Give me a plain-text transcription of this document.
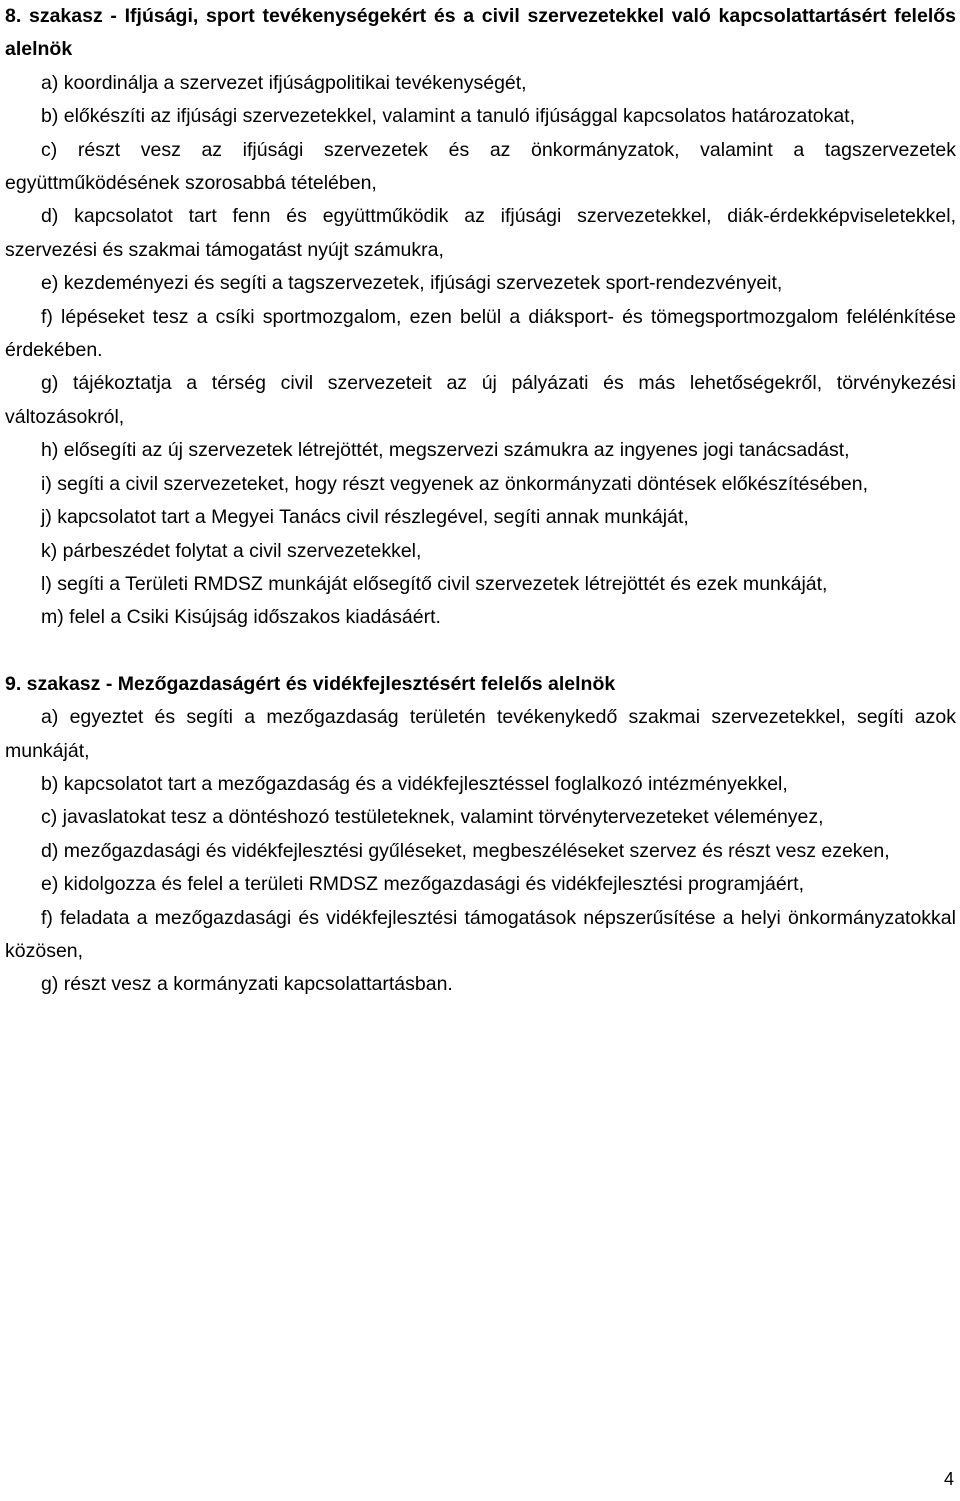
8. szakasz - Ifjúsági, sport tevékenységekért és a civil szervezetekkel való kapcsolattartásért felelős alelnök

a) koordinálja a szervezet ifjúságpolitikai tevékenységét,

b) előkészíti az ifjúsági szervezetekkel, valamint a tanuló ifjúsággal kapcsolatos határozatokat,

c) részt vesz az ifjúsági szervezetek és az önkormányzatok, valamint a tagszervezetek együttműködésének szorosabbá tételében,

d) kapcsolatot tart fenn és együttműködik az ifjúsági szervezetekkel, diák-érdekképviseletekkel, szervezési és szakmai támogatást nyújt számukra,

e) kezdeményezi és segíti a tagszervezetek, ifjúsági szervezetek sport-rendezvényeit,

f) lépéseket tesz a csíki sportmozgalom, ezen belül a diáksport- és tömegsportmozgalom felélénkítése érdekében.

g) tájékoztatja a térség civil szervezeteit az új pályázati és más lehetőségekről, törvénykezési változásokról,

h) elősegíti az új szervezetek létrejöttét, megszervezi számukra az ingyenes jogi tanácsadást,

i) segíti a civil szervezeteket, hogy részt vegyenek az önkormányzati döntések előkészítésében,

j) kapcsolatot tart a Megyei Tanács civil részlegével, segíti annak munkáját,

k) párbeszédet folytat a civil szervezetekkel,

l) segíti a Területi RMDSZ munkáját elősegítő civil szervezetek létrejöttét és ezek munkáját,

m) felel a Csiki Kisújság időszakos kiadásáért.

9. szakasz - Mezőgazdaságért és vidékfejlesztésért felelős alelnök

a) egyeztet és segíti a mezőgazdaság területén tevékenykedő szakmai szervezetekkel, segíti azok munkáját,

b) kapcsolatot tart a mezőgazdaság és a vidékfejlesztéssel foglalkozó intézményekkel,

c) javaslatokat tesz a döntéshozó testületeknek, valamint törvénytervezeteket véleményez,

d) mezőgazdasági és vidékfejlesztési gyűléseket, megbeszéléseket szervez és részt vesz ezeken,

e) kidolgozza és felel a területi RMDSZ mezőgazdasági és vidékfejlesztési programjáért,

f) feladata a mezőgazdasági és vidékfejlesztési támogatások népszerűsítése a helyi önkormányzatokkal közösen,

g) részt vesz a kormányzati kapcsolattartásban.

4
